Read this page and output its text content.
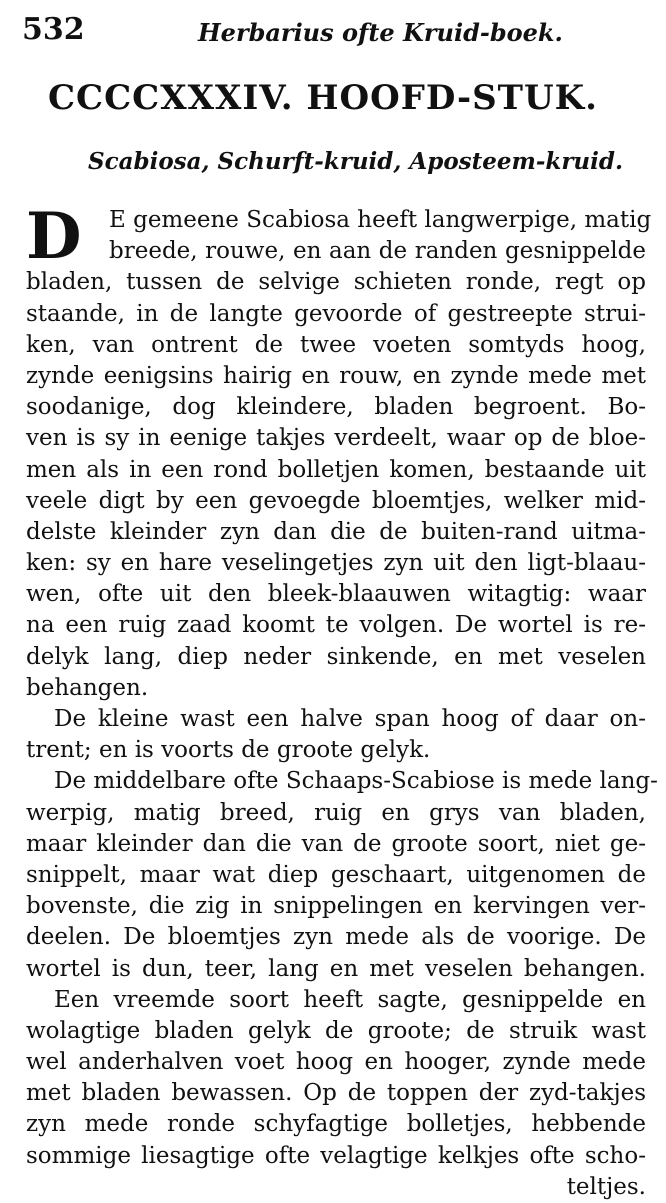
532	Herbarius ofte Kruid-boek.
CCCCXXXIV. HOOFD-STUK.
Scabiosa, Schurft-kruid, Aposteem-kruid.
D	E gemeene Scabiosa heeft langwerpige, matig
breede, rouwe, en aan de randen gesnippelde
bladen, tussen de selvige schieten ronde, regt op
staande, in de langte gevoorde of gestreepte strui-
ken, van ontrent de twee voeten somtyds hoog,
zynde eenigsins hairig en rouw, en zynde mede met
soodanige, dog kleindere, bladen begroent. Bo-
ven is sy in eenige takjes verdeelt, waar op de bloe-
men als in een rond bolletjen komen, bestaande uit
veele digt by een gevoegde bloemtjes, welker mid-
delste kleinder zyn dan die de buiten-rand uitma-
ken: sy en hare veselingetjes zyn uit den ligt-blaau-
wen, ofte uit den bleek-blaauwen witagtig: waar
na een ruig zaad koomt te volgen. De wortel is re-
delyk lang, diep neder sinkende, en met veselen
behangen.
De kleine wast een halve span hoog of daar on-
trent; en is voorts de groote gelyk.
De middelbare ofte Schaaps-Scabiose is mede lang-
werpig, matig breed, ruig en grys van bladen,
maar kleinder dan die van de groote soort, niet ge-
snippelt, maar wat diep geschaart, uitgenomen de
bovenste, die zig in snippelingen en kervingen ver-
deelen. De bloemtjes zyn mede als de voorige. De
wortel is dun, teer, lang en met veselen behangen.
Een vreemde soort heeft sagte, gesnippelde en
wolagtige bladen gelyk de groote; de struik wast
wel anderhalven voet hoog en hooger, zynde mede
met bladen bewassen. Op de toppen der zyd-takjes
zyn mede ronde schyfagtige bolletjes, hebbende
sommige liesagtige ofte velagtige kelkjes ofte scho-
teltjes.
